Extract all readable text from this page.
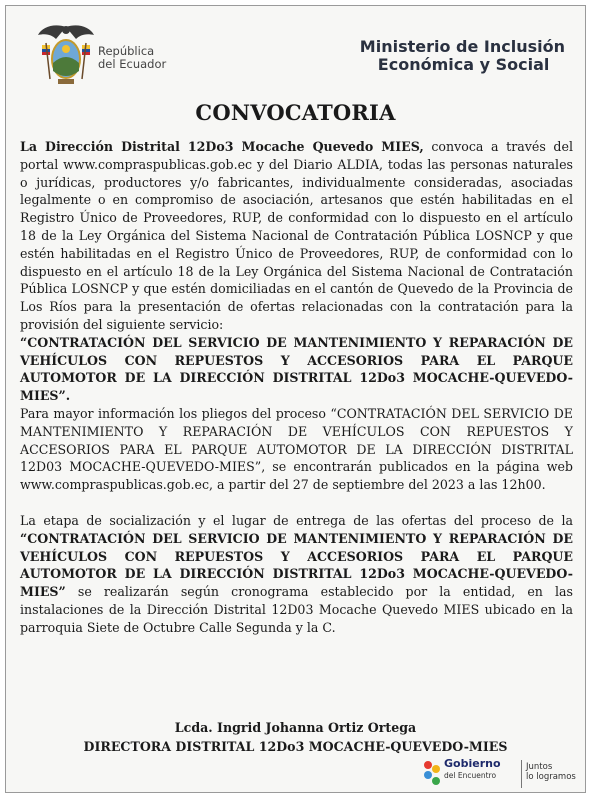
República
del Ecuador
Ministerio de Inclusión
Económica y Social
CONVOCATORIA

La Dirección Distrital 12Do3 Mocache Quevedo MIES, convoca a través del portal www.compraspublicas.gob.ec y del Diario ALDIA, todas las personas naturales o jurídicas, productores y/o fabricantes, individualmente consideradas, asociadas legalmente o en compromiso de asociación, artesanos que estén habilitadas en el Registro Único de Proveedores, RUP, de conformidad con lo dispuesto en el artículo 18 de la Ley Orgánica del Sistema Nacional de Contratación Pública LOSNCP y que estén habilitadas en el Registro Único de Proveedores, RUP, de conformidad con lo dispuesto en el artículo 18 de la Ley Orgánica del Sistema Nacional de Contratación Pública LOSNCP y que estén domiciliadas en el cantón de Quevedo de la Provincia de Los Ríos para la presentación de ofertas relacionadas con la contratación para la provisión del siguiente servicio:

“CONTRATACIÓN DEL SERVICIO DE MANTENIMIENTO Y REPARACIÓN DE VEHÍCULOS CON REPUESTOS Y ACCESORIOS PARA EL PARQUE AUTOMOTOR DE LA DIRECCIÓN DISTRITAL 12Do3 MOCACHE-QUEVEDO-MIES”.

Para mayor información los pliegos del proceso “CONTRATACIÓN DEL SERVICIO DE MANTENIMIENTO Y REPARACIÓN DE VEHÍCULOS CON REPUESTOS Y ACCESORIOS PARA EL PARQUE AUTOMOTOR DE LA DIRECCIÓN DISTRITAL 12D03 MOCACHE-QUEVEDO-MIES”, se encontrarán publicados en la página web www.compraspublicas.gob.ec, a partir del 27 de septiembre del 2023 a las 12h00.

La etapa de socialización y el lugar de entrega de las ofertas del proceso de la “CONTRATACIÓN DEL SERVICIO DE MANTENIMIENTO Y REPARACIÓN DE VEHÍCULOS CON REPUESTOS Y ACCESORIOS PARA EL PARQUE AUTOMOTOR DE LA DIRECCIÓN DISTRITAL 12Do3 MOCACHE-QUEVEDO-MIES” se realizarán según cronograma establecido por la entidad, en las instalaciones de la Dirección Distrital 12D03 Mocache Quevedo MIES ubicado en la parroquia Siete de Octubre Calle Segunda y la C.

Lcda. Ingrid Johanna Ortiz Ortega
DIRECTORA DISTRITAL 12Do3 MOCACHE-QUEVEDO-MIES
Gobierno
del Encuentro
Juntos
lo logramos
